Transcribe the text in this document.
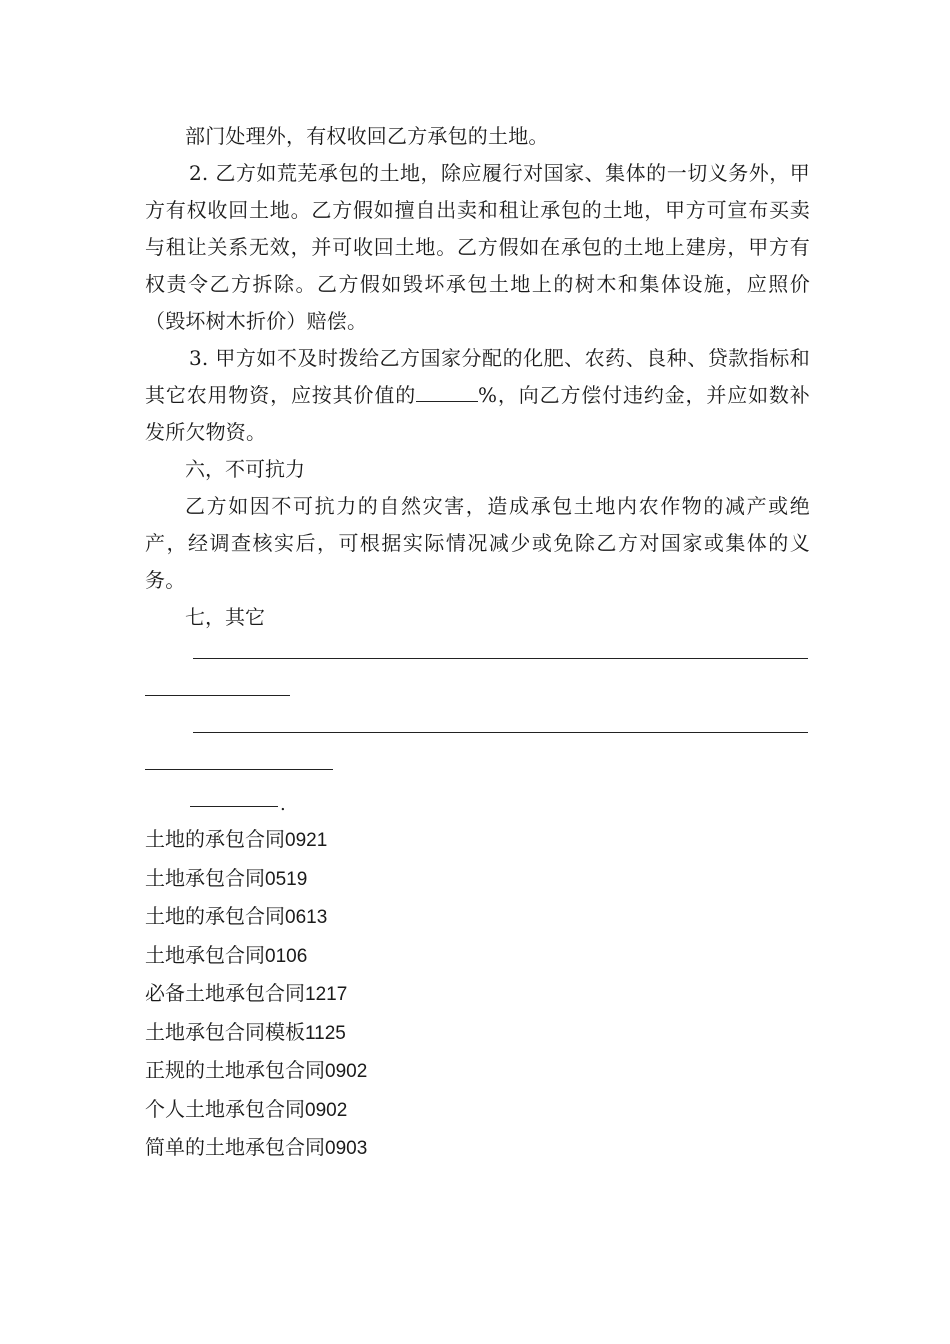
部门处理外，有权收回乙方承包的土地。

2. 乙方如荒芜承包的土地，除应履行对国家、集体的一切义务外，甲方有权收回土地。乙方假如擅自出卖和租让承包的土地，甲方可宣布买卖与租让关系无效，并可收回土地。乙方假如在承包的土地上建房，甲方有权责令乙方拆除。乙方假如毁坏承包土地上的树木和集体设施，应照价（毁坏树木折价）赔偿。

3. 甲方如不及时拨给乙方国家分配的化肥、农药、良种、贷款指标和其它农用物资，应按其价值的	%，向乙方偿付违约金，并应如数补发所欠物资。

六，不可抗力

乙方如因不可抗力的自然灾害，造成承包土地内农作物的减产或绝产，经调查核实后，可根据实际情况减少或免除乙方对国家或集体的义务。

七，其它

.
土地的承包合同0921
土地承包合同0519
土地的承包合同0613
土地承包合同0106
必备土地承包合同1217
土地承包合同模板1125
正规的土地承包合同0902
个人土地承包合同0902
简单的土地承包合同0903
